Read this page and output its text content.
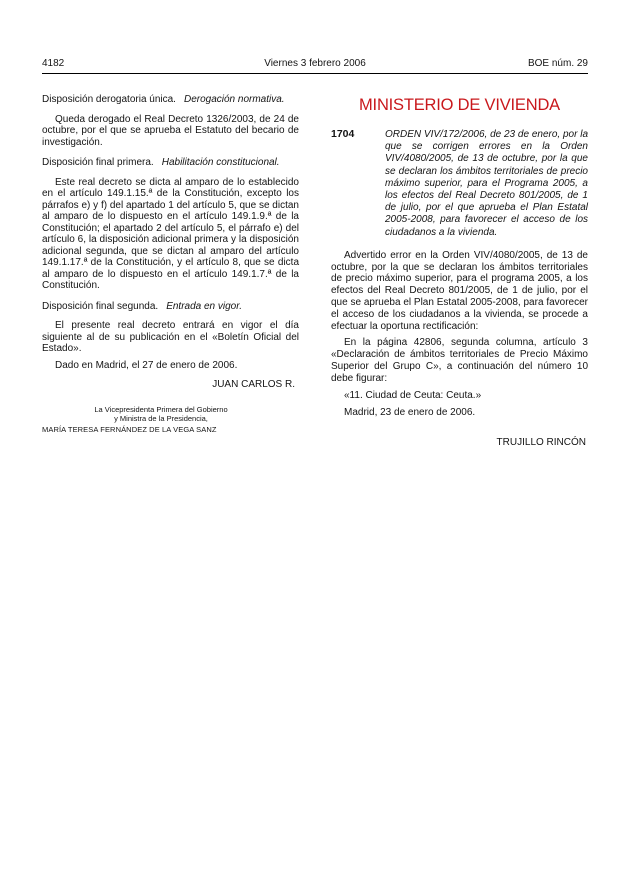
4182	Viernes 3 febrero 2006	BOE núm. 29
Disposición derogatoria única. Derogación normativa.

Queda derogado el Real Decreto 1326/2003, de 24 de octubre, por el que se aprueba el Estatuto del becario de investigación.

Disposición final primera. Habilitación constitucional.

Este real decreto se dicta al amparo de lo establecido en el artículo 149.1.15.ª de la Constitución, excepto los párrafos e) y f) del apartado 1 del artículo 5, que se dictan al amparo de lo dispuesto en el artículo 149.1.9.ª de la Constitución; el apartado 2 del artículo 5, el párrafo e) del artículo 6, la disposición adicional primera y la disposición adicional segunda, que se dictan al amparo del artículo 149.1.17.ª de la Constitución, y el artículo 8, que se dicta al amparo de lo dispuesto en el artículo 149.1.7.ª de la Constitución.

Disposición final segunda. Entrada en vigor.

El presente real decreto entrará en vigor el día siguiente al de su publicación en el «Boletín Oficial del Estado».

Dado en Madrid, el 27 de enero de 2006.

JUAN CARLOS R.
La Vicepresidenta Primera del Gobierno
y Ministra de la Presidencia,
MARÍA TERESA FERNÁNDEZ DE LA VEGA SANZ
MINISTERIO DE VIVIENDA
1704	ORDEN VIV/172/2006, de 23 de enero, por la que se corrigen errores en la Orden VIV/4080/2005, de 13 de octubre, por la que se declaran los ámbitos territoriales de precio máximo superior, para el Programa 2005, a los efectos del Real Decreto 801/2005, de 1 de julio, por el que aprueba el Plan Estatal 2005-2008, para favorecer el acceso de los ciudadanos a la vivienda.

Advertido error en la Orden VIV/4080/2005, de 13 de octubre, por la que se declaran los ámbitos territoriales de precio máximo superior, para el programa 2005, a los efectos del Real Decreto 801/2005, de 1 de julio, por el que se aprueba el Plan Estatal 2005-2008, para favorecer el acceso de los ciudadanos a la vivienda, se procede a efectuar la oportuna rectificación:

En la página 42806, segunda columna, artículo 3 «Declaración de ámbitos territoriales de Precio Máximo Superior del Grupo C», a continuación del número 10 debe figurar:

«11. Ciudad de Ceuta: Ceuta.»
Madrid, 23 de enero de 2006.
TRUJILLO RINCÓN
